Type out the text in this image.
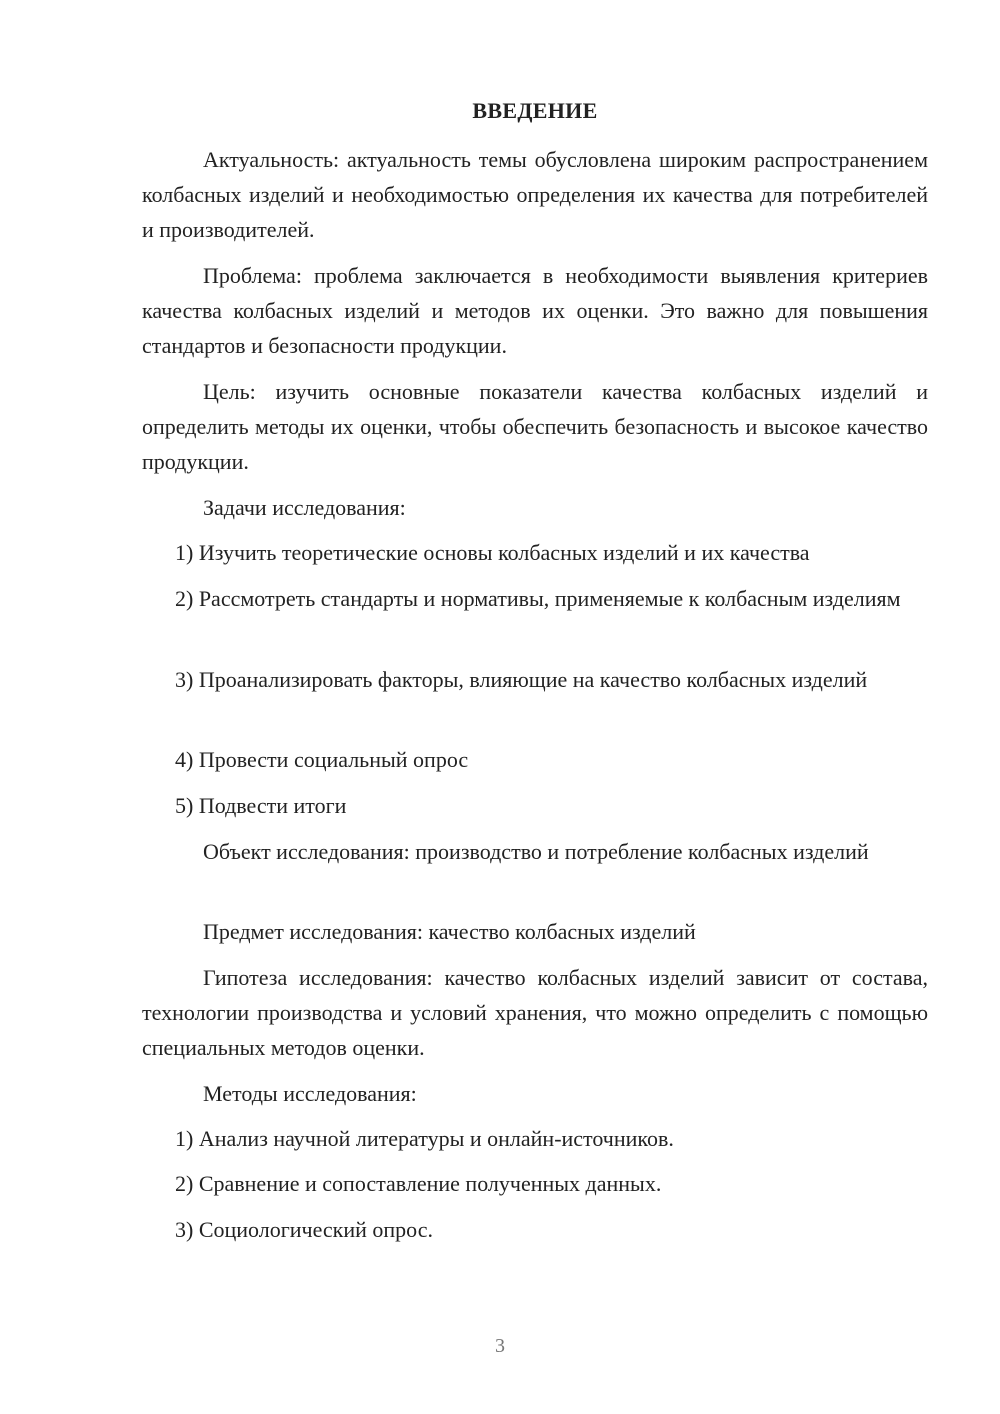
ВВЕДЕНИЕ

Актуальность: актуальность темы обусловлена широким распространением колбасных изделий и необходимостью определения их качества для потребителей и производителей.

Проблема: проблема заключается в необходимости выявления критериев качества колбасных изделий и методов их оценки. Это важно для повышения стандартов и безопасности продукции.

Цель: изучить основные показатели качества колбасных изделий и определить методы их оценки, чтобы обеспечить безопасность и высокое качество продукции.

Задачи исследования:

1) Изучить теоретические основы колбасных изделий и их качества

2) Рассмотреть стандарты и нормативы, применяемые к колбасным изделиям

3) Проанализировать факторы, влияющие на качество колбасных изделий

4) Провести социальный опрос

5) Подвести итоги

Объект исследования: производство и потребление колбасных изделий

Предмет исследования: качество колбасных изделий

Гипотеза исследования: качество колбасных изделий зависит от состава, технологии производства и условий хранения, что можно определить с помощью специальных методов оценки.

Методы исследования:

1) Анализ научной литературы и онлайн-источников.

2) Сравнение и сопоставление полученных данных.

3) Социологический опрос.

3
